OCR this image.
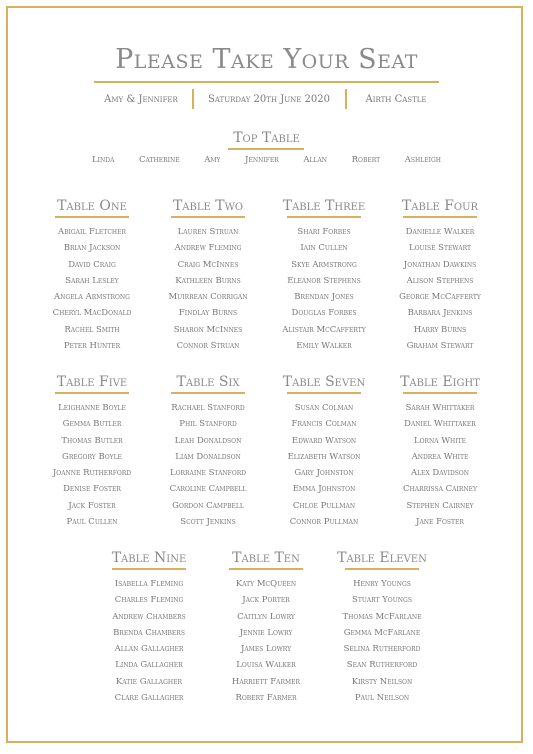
Please Take Your Seat
Amy & Jennifer	Saturday 20th June 2020	Airth Castle
Top Table
Linda	Catherine	Amy	Jennifer	Allan	Robert	Ashleigh
Table One
Abigail Fletcher
Brian Jackson
David Craig
Sarah Lesley
Angela Armstrong
Cheryl MacDonald
Rachel Smith
Peter Hunter
Table Two
Lauren Struan
Andrew Fleming
Craig McInnes
Kathleen Burns
Muirrean Corrigan
Findlay Burns
Sharon McInnes
Connor Struan
Table Three
Shari Forbes
Iain Cullen
Skye Armstrong
Eleanor Stephens
Brendan Jones
Douglas Forbes
Alistair McCafferty
Emily Walker
Table Four
Danielle Walker
Louise Stewart
Jonathan Dawkins
Alison Stephens
George McCafferty
Barbara Jenkins
Harry Burns
Graham Stewart
Table Five
Leighanne Boyle
Gemma Butler
Thomas Butler
Gregory Boyle
Joanne Rutherford
Denise Foster
Jack Foster
Paul Cullen
Table Six
Rachael Stanford
Phil Stanford
Leah Donaldson
Liam Donaldson
Lorraine Stanford
Caroline Campbell
Gordon Campbell
Scott Jenkins
Table Seven
Susan Colman
Francis Colman
Edward Watson
Elizabeth Watson
Gary Johnston
Emma Johnston
Chloe Pullman
Connor Pullman
Table Eight
Sarah Whittaker
Daniel Whittaker
Lorna White
Andrea White
Alex Davidson
Charrissa Cairney
Stephen Cairney
Jane Foster
Table Nine
Isabella Fleming
Charles Fleming
Andrew Chambers
Brenda Chambers
Allan Gallagher
Linda Gallagher
Katie Gallagher
Clare Gallagher
Table Ten
Katy McQueen
Jack Porter
Caitlyn Lowry
Jennie Lowry
James Lowry
Louisa Walker
Harriett Farmer
Robert Farmer
Table Eleven
Henry Youngs
Stuart Youngs
Thomas McFarlane
Gemma McFarlane
Selina Rutherford
Sean Rutherford
Kirsty Neilson
Paul Neilson
